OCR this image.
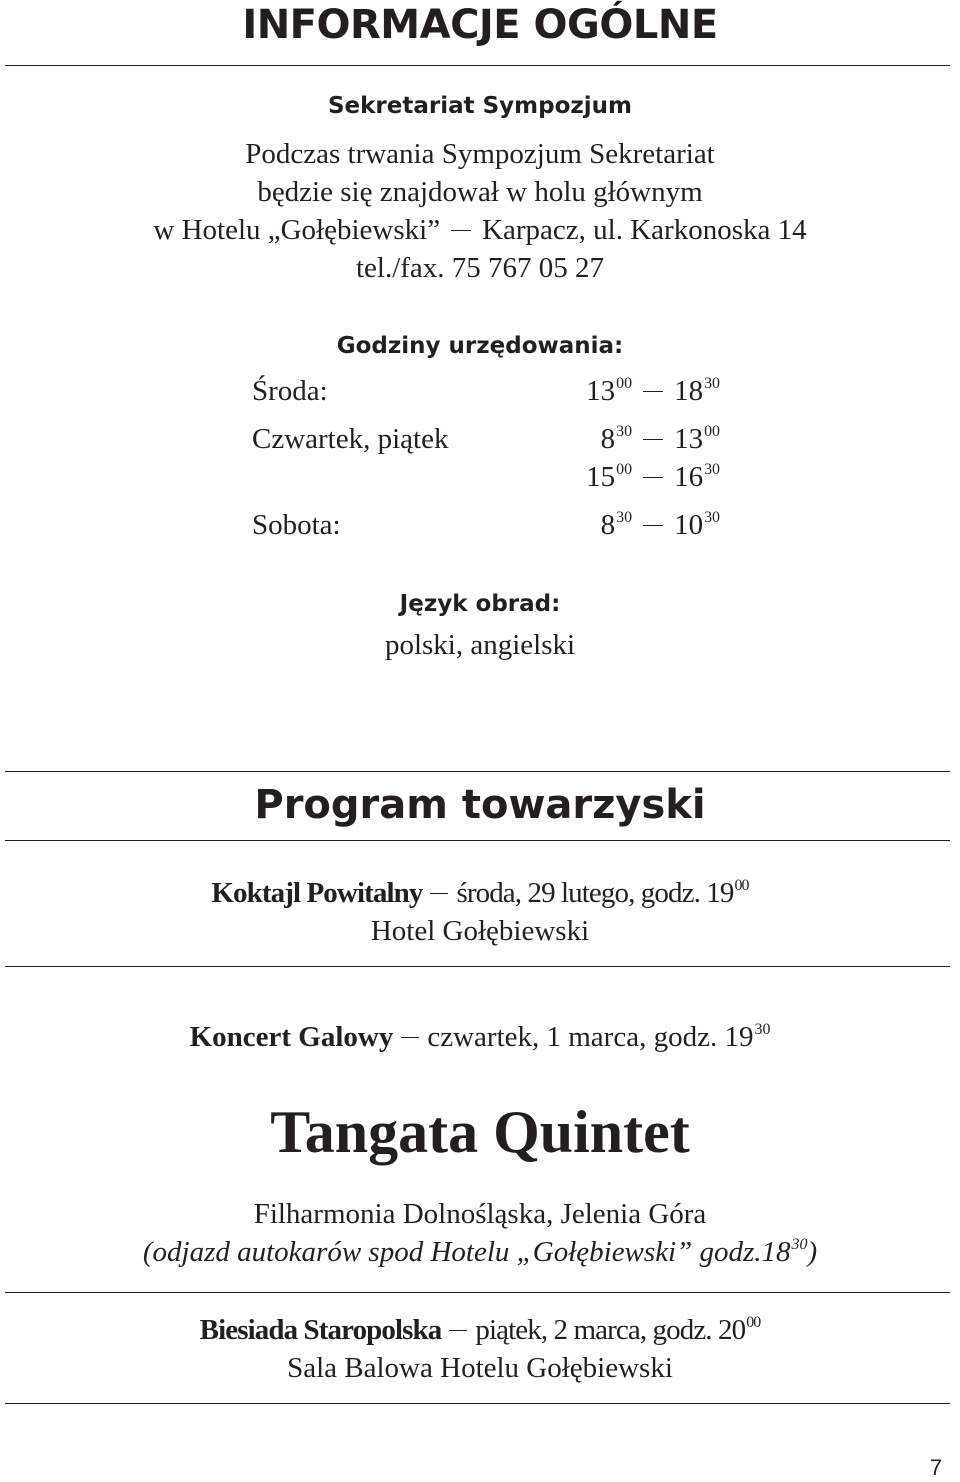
INFORMACJE OGÓLNE
Sekretariat Sympozjum
Podczas trwania Sympozjum Sekretariat
będzie się znajdował w holu głównym
w Hotelu „Gołębiewski” Karpacz, ul. Karkonoska 14
tel./fax. 75 767 05 27
Godziny urzędowania:
Środa:	$13^{00}$ $18^{30}$
Czwartek, piątek	$8^{30}$ $13^{00}$
$15^{00}$ $16^{30}$
Sobota:	$8^{30}$ $10^{30}$
Język obrad:
polski, angielski
Program towarzyski
Koktajl Powitalny środa, 29 lutego, godz. $19^{00}$
Hotel Gołębiewski
Koncert Galowy czwartek, 1 marca, godz. $19^{30}$
Tangata Quintet
Filharmonia Dolnośląska, Jelenia Góra
(odjazd autokarów spod Hotelu „Gołębiewski” $godz.18^{30}$)
Biesiada Staropolska piątek, 2 marca, godz. $20^{00}$
Sala Balowa Hotelu Gołębiewski
7
